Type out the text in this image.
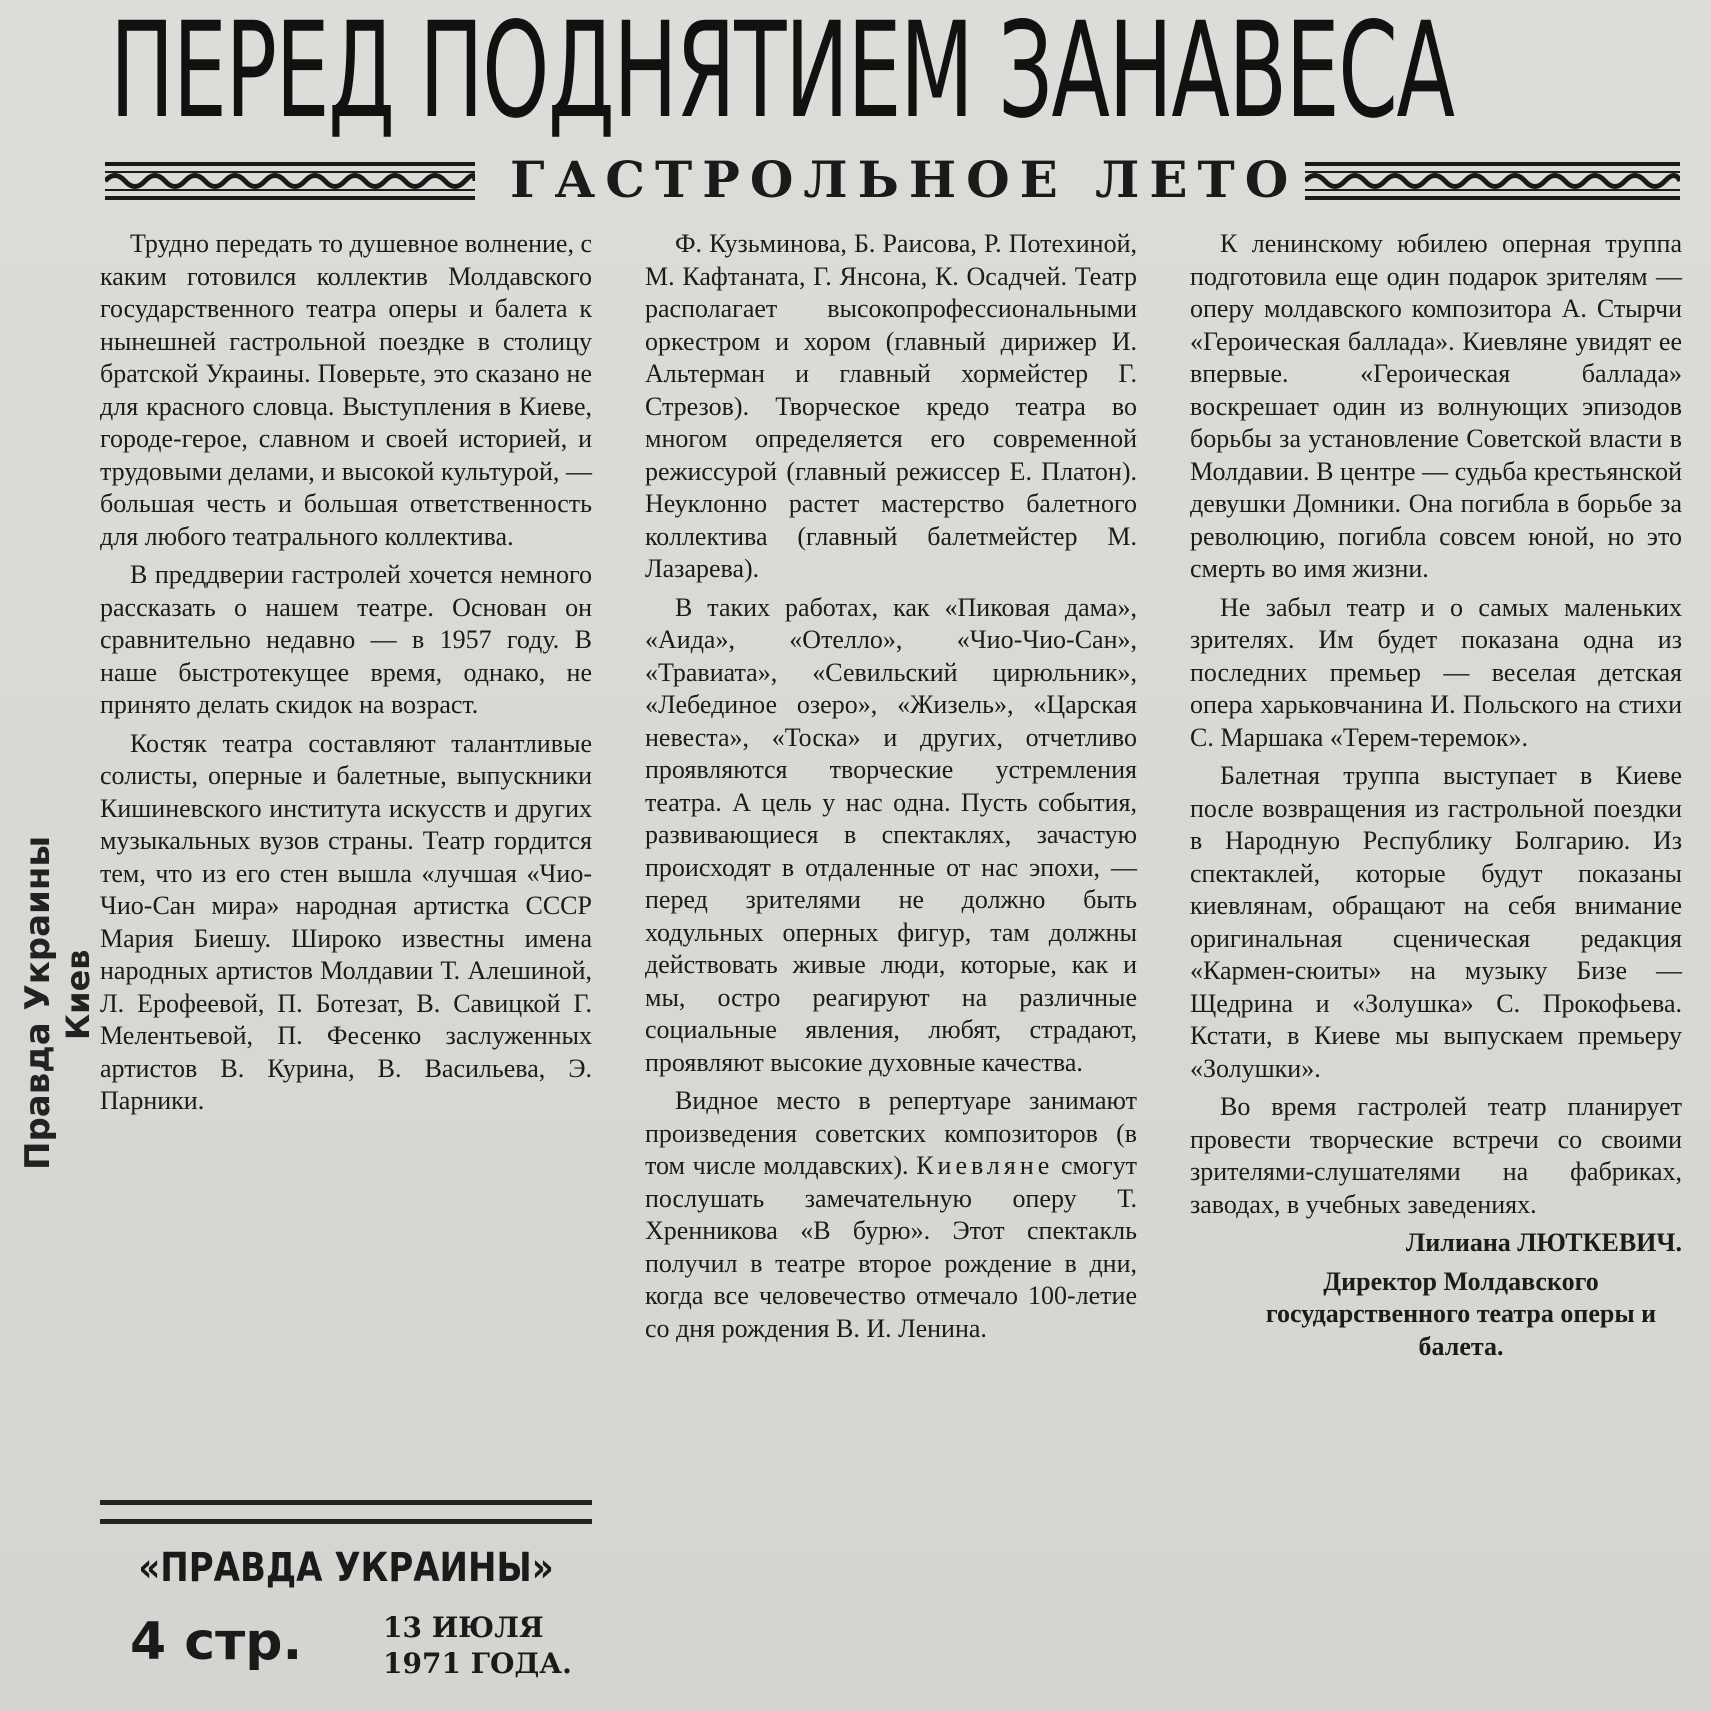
ПЕРЕД ПОДНЯТИЕМ ЗАНАВЕСА
ГАСТРОЛЬНОЕ ЛЕТО
Правда Украины Киев

Трудно передать то душевное волнение, с каким готовился коллектив Молдавского государственного театра оперы и балета к нынешней гастрольной поездке в столицу братской Украины. Поверьте, это сказано не для красного словца. Выступления в Киеве, городе-герое, славном и своей историей, и трудовыми делами, и высокой культурой, — большая честь и большая ответственность для любого театрального коллектива.

В преддверии гастролей хочется немного рассказать о нашем театре. Основан он сравнительно недавно — в 1957 году. В наше быстротекущее время, однако, не принято делать скидок на возраст.

Костяк театра составляют талантливые солисты, оперные и балетные, выпускники Кишиневского института искусств и других музыкальных вузов страны. Театр гордится тем, что из его стен вышла «лучшая «Чио-Чио-Сан мира» народная артистка СССР Мария Биешу. Широко известны имена народных артистов Молдавии Т. Алешиной, Л. Ерофеевой, П. Ботезат, В. Савицкой Г. Мелентьевой, П. Фесенко заслуженных артистов В. Курина, В. Васильева, Э. Парники.

Ф. Кузьминова, Б. Раисова, Р. Потехиной, М. Кафтаната, Г. Янсона, К. Осадчей. Театр располагает высокопрофессиональными оркестром и хором (главный дирижер И. Альтерман и главный хормейстер Г. Стрезов). Творческое кредо театра во многом определяется его современной режиссурой (главный режиссер Е. Платон). Неуклонно растет мастерство балетного коллектива (главный балетмейстер М. Лазарева).

В таких работах, как «Пиковая дама», «Аида», «Отелло», «Чио-Чио-Сан», «Травиата», «Севильский цирюльник», «Лебединое озеро», «Жизель», «Царская невеста», «Тоска» и других, отчетливо проявляются творческие устремления театра. А цель у нас одна. Пусть события, развивающиеся в спектаклях, зачастую происходят в отдаленные от нас эпохи, — перед зрителями не должно быть ходульных оперных фигур, там должны действовать живые люди, которые, как и мы, остро реагируют на различные социальные явления, любят, страдают, проявляют высокие духовные качества.

Видное место в репертуаре занимают произведения советских композиторов (в том числе молдавских). Киевляне смогут послушать замечательную оперу Т. Хренникова «В бурю». Этот спектакль получил в театре второе рождение в дни, когда все человечество отмечало 100-летие со дня рождения В. И. Ленина.

К ленинскому юбилею оперная труппа подготовила еще один подарок зрителям — оперу молдавского композитора А. Стырчи «Героическая баллада». Киевляне увидят ее впервые. «Героическая баллада» воскрешает один из волнующих эпизодов борьбы за установление Советской власти в Молдавии. В центре — судьба крестьянской девушки Домники. Она погибла в борьбе за революцию, погибла совсем юной, но это смерть во имя жизни.

Не забыл театр и о самых маленьких зрителях. Им будет показана одна из последних премьер — веселая детская опера харьковчанина И. Польского на стихи С. Маршака «Терем-теремок».

Балетная труппа выступает в Киеве после возвращения из гастрольной поездки в Народную Республику Болгарию. Из спектаклей, которые будут показаны киевлянам, обращают на себя внимание оригинальная сценическая редакция «Кармен-сюиты» на музыку Бизе — Щедрина и «Золушка» С. Прокофьева. Кстати, в Киеве мы выпускаем премьеру «Золушки».

Во время гастролей театр планирует провести творческие встречи со своими зрителями-слушателями на фабриках, заводах, в учебных заведениях.

Лилиана ЛЮТКЕВИЧ.

Директор Молдавского государственного театра оперы и балета.

«ПРАВДА УКРАИНЫ»
4 стр.	13 ИЮЛЯ
1971 ГОДА.
